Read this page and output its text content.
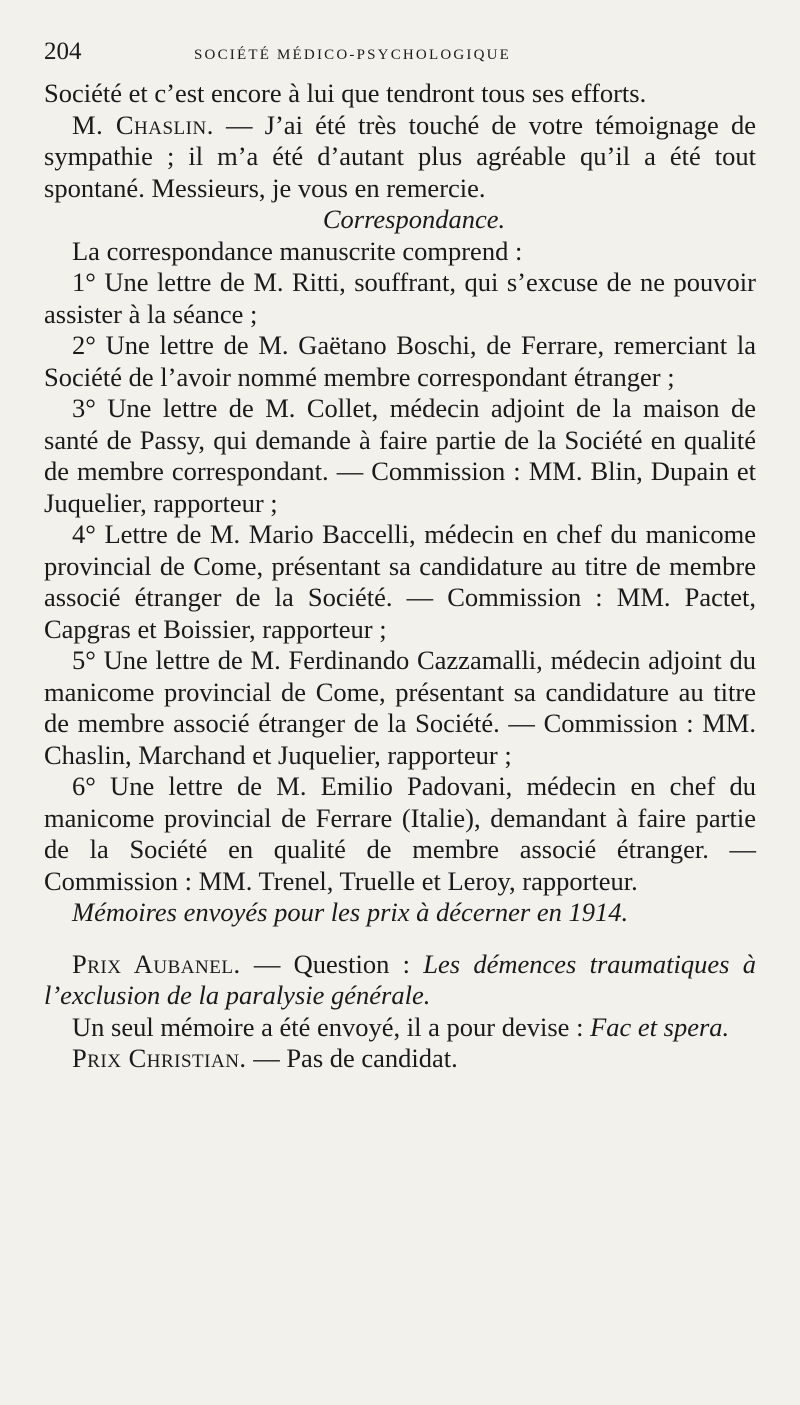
204	SOCIÉTÉ MÉDICO-PSYCHOLOGIQUE

Société et c’est encore à lui que tendront tous ses efforts.

M. Chaslin. — J’ai été très touché de votre témoignage de sympathie ; il m’a été d’autant plus agréable qu’il a été tout spontané. Messieurs, je vous en remercie.

Correspondance.

La correspondance manuscrite comprend :

1° Une lettre de M. Ritti, souffrant, qui s’excuse de ne pouvoir assister à la séance ;

2° Une lettre de M. Gaëtano Boschi, de Ferrare, remerciant la Société de l’avoir nommé membre correspondant étranger ;

3° Une lettre de M. Collet, médecin adjoint de la maison de santé de Passy, qui demande à faire partie de la Société en qualité de membre correspondant. — Commission : MM. Blin, Dupain et Juquelier, rapporteur ;

4° Lettre de M. Mario Baccelli, médecin en chef du manicome provincial de Come, présentant sa candidature au titre de membre associé étranger de la Société. — Commission : MM. Pactet, Capgras et Boissier, rapporteur ;

5° Une lettre de M. Ferdinando Cazzamalli, médecin adjoint du manicome provincial de Come, présentant sa candidature au titre de membre associé étranger de la Société. — Commission : MM. Chaslin, Marchand et Juquelier, rapporteur ;

6° Une lettre de M. Emilio Padovani, médecin en chef du manicome provincial de Ferrare (Italie), demandant à faire partie de la Société en qualité de membre associé étranger. — Commission : MM. Trenel, Truelle et Leroy, rapporteur.

Mémoires envoyés pour les prix à décerner en 1914.

Prix Aubanel. — Question : Les démences traumatiques à l’exclusion de la paralysie générale.

Un seul mémoire a été envoyé, il a pour devise : Fac et spera.

Prix Christian. — Pas de candidat.
